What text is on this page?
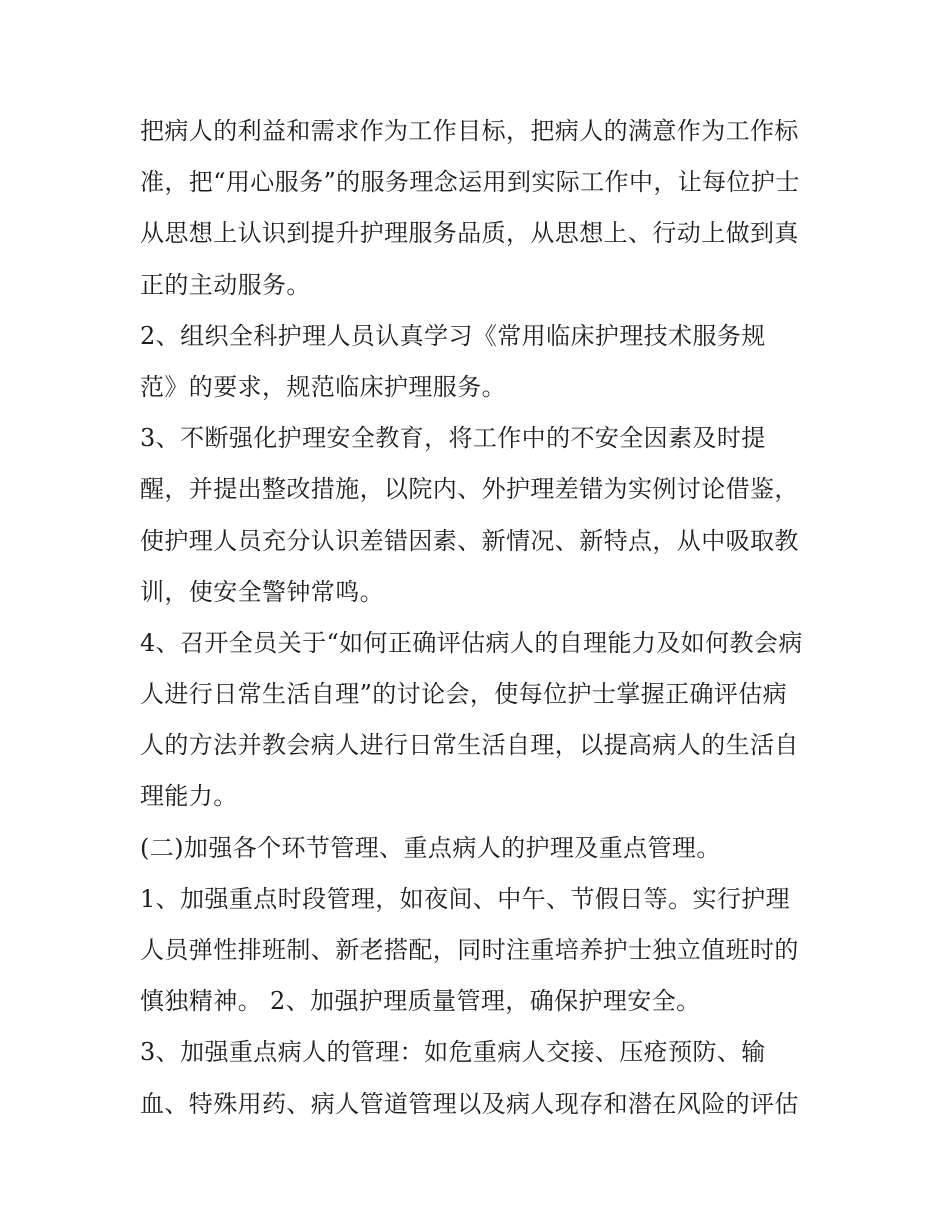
把病人的利益和需求作为工作目标，把病人的满意作为工作标
准，把“用心服务”的服务理念运用到实际工作中，让每位护士
从思想上认识到提升护理服务品质，从思想上、行动上做到真
正的主动服务。
2、组织全科护理人员认真学习《常用临床护理技术服务规
范》的要求，规范临床护理服务。
3、不断强化护理安全教育，将工作中的不安全因素及时提
醒，并提出整改措施，以院内、外护理差错为实例讨论借鉴，
使护理人员充分认识差错因素、新情况、新特点，从中吸取教
训，使安全警钟常鸣。
4、召开全员关于“如何正确评估病人的自理能力及如何教会病
人进行日常生活自理”的讨论会，使每位护士掌握正确评估病
人的方法并教会病人进行日常生活自理，以提高病人的生活自
理能力。
(二)加强各个环节管理、重点病人的护理及重点管理。
1、加强重点时段管理，如夜间、中午、节假日等。实行护理
人员弹性排班制、新老搭配，同时注重培养护士独立值班时的
慎独精神。 2、加强护理质量管理，确保护理安全。
3、加强重点病人的管理：如危重病人交接、压疮预防、输
血、特殊用药、病人管道管理以及病人现存和潜在风险的评估
